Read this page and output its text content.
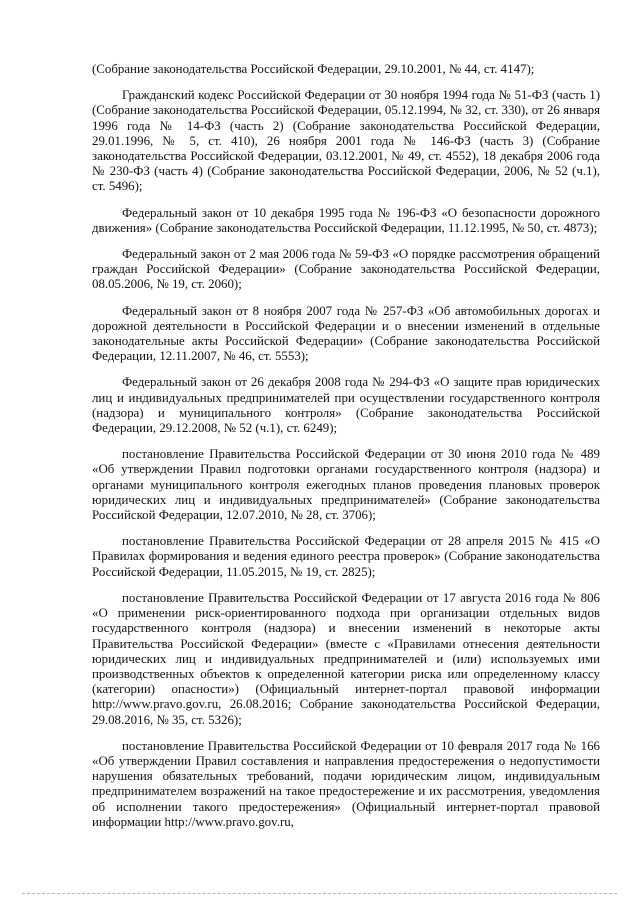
(Собрание законодательства Российской Федерации, 29.10.2001, № 44, ст. 4147);

Гражданский кодекс Российской Федерации от 30 ноября 1994 года № 51-ФЗ (часть 1) (Собрание законодательства Российской Федерации, 05.12.1994, № 32, ст. 330), от 26 января 1996 года № 14-ФЗ (часть 2) (Собрание законодательства Российской Федерации, 29.01.1996, № 5, ст. 410), 26 ноября 2001 года № 146-ФЗ (часть 3) (Собрание законодательства Российской Федерации, 03.12.2001, № 49, ст. 4552), 18 декабря 2006 года № 230-ФЗ (часть 4) (Собрание законодательства Российской Федерации, 2006, № 52 (ч.1), ст. 5496);

Федеральный закон от 10 декабря 1995 года № 196-ФЗ «О безопасности дорожного движения» (Собрание законодательства Российской Федерации, 11.12.1995, № 50, ст. 4873);

Федеральный закон от 2 мая 2006 года № 59-ФЗ «О порядке рассмотрения обращений граждан Российской Федерации» (Собрание законодательства Российской Федерации, 08.05.2006, № 19, ст. 2060);

Федеральный закон от 8 ноября 2007 года № 257-ФЗ «Об автомобильных дорогах и дорожной деятельности в Российской Федерации и о внесении изменений в отдельные законодательные акты Российской Федерации» (Собрание законодательства Российской Федерации, 12.11.2007, № 46, ст. 5553);

Федеральный закон от 26 декабря 2008 года № 294-ФЗ «О защите прав юридических лиц и индивидуальных предпринимателей при осуществлении государственного контроля (надзора) и муниципального контроля» (Собрание законодательства Российской Федерации, 29.12.2008, № 52 (ч.1), ст. 6249);

постановление Правительства Российской Федерации от 30 июня 2010 года № 489 «Об утверждении Правил подготовки органами государственного контроля (надзора) и органами муниципального контроля ежегодных планов проведения плановых проверок юридических лиц и индивидуальных предпринимателей» (Собрание законодательства Российской Федерации, 12.07.2010, № 28, ст. 3706);

постановление Правительства Российской Федерации от 28 апреля 2015 № 415 «О Правилах формирования и ведения единого реестра проверок» (Собрание законодательства Российской Федерации, 11.05.2015, № 19, ст. 2825);

постановление Правительства Российской Федерации от 17 августа 2016 года № 806 «О применении риск-ориентированного подхода при организации отдельных видов государственного контроля (надзора) и внесении изменений в некоторые акты Правительства Российской Федерации» (вместе с «Правилами отнесения деятельности юридических лиц и индивидуальных предпринимателей и (или) используемых ими производственных объектов к определенной категории риска или определенному классу (категории) опасности») (Официальный интернет-портал правовой информации http://www.pravo.gov.ru, 26.08.2016; Собрание законодательства Российской Федерации, 29.08.2016, № 35, ст. 5326);

постановление Правительства Российской Федерации от 10 февраля 2017 года № 166 «Об утверждении Правил составления и направления предостережения о недопустимости нарушения обязательных требований, подачи юридическим лицом, индивидуальным предпринимателем возражений на такое предостережение и их рассмотрения, уведомления об исполнении такого предостережения» (Официальный интернет-портал правовой информации http://www.pravo.gov.ru,
